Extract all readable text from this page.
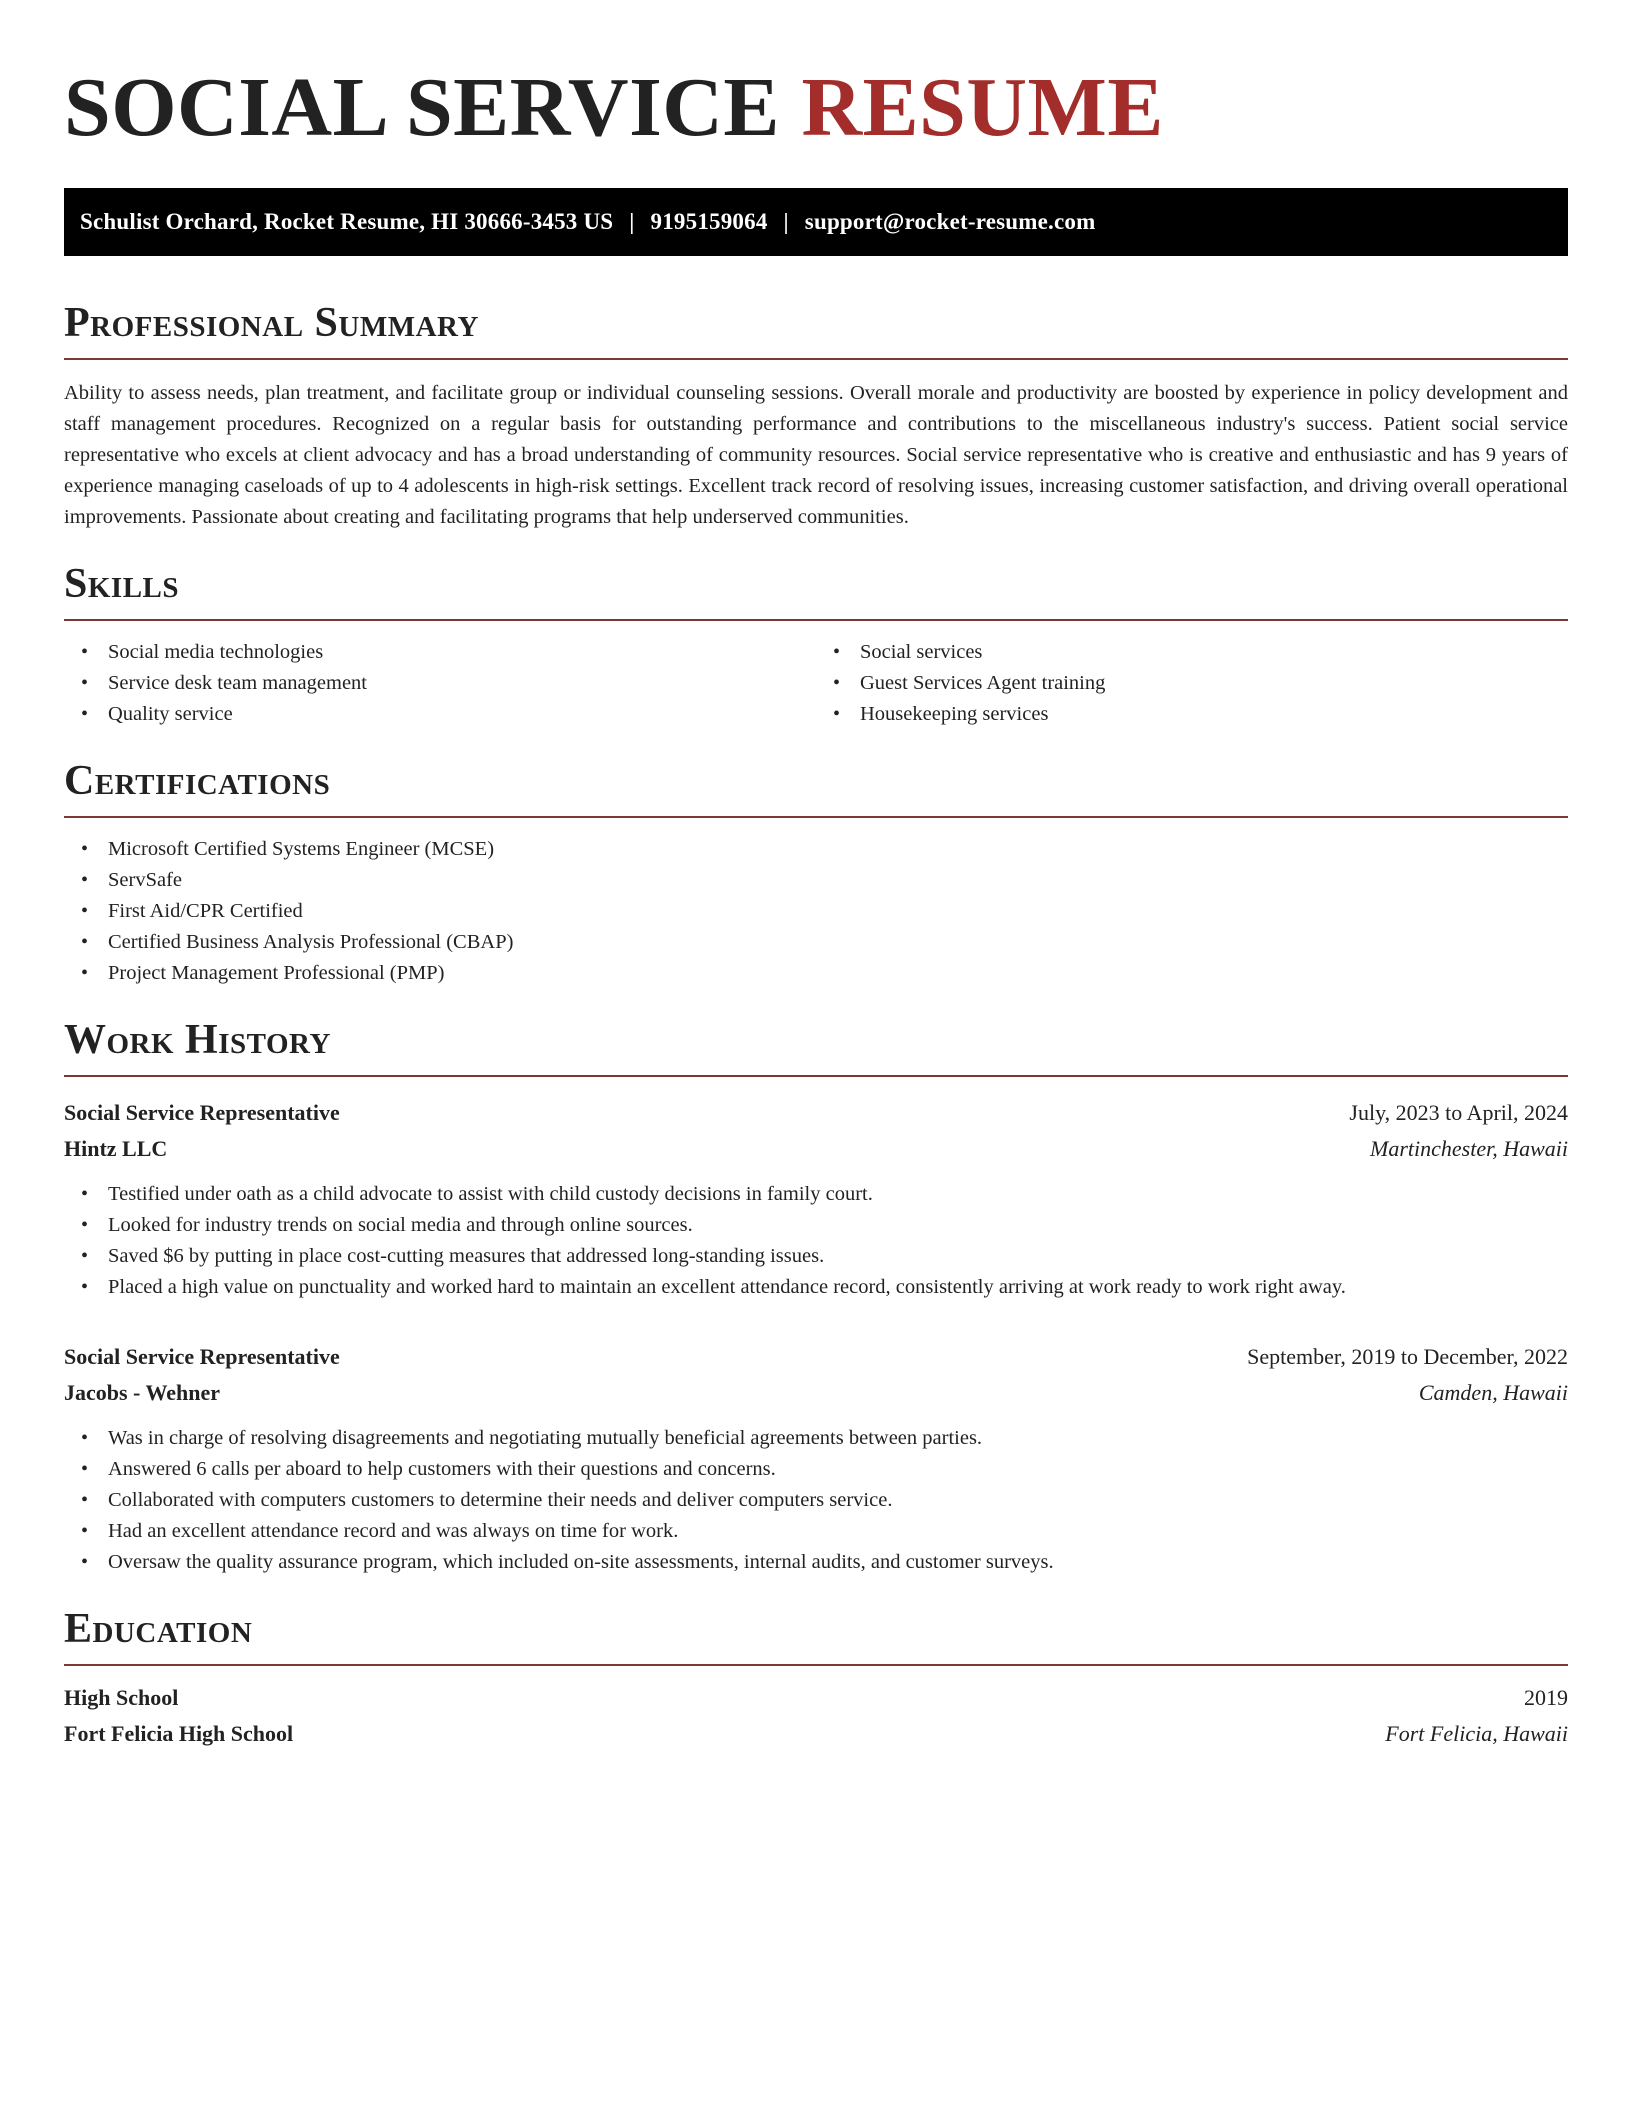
SOCIAL SERVICE RESUME
Schulist Orchard, Rocket Resume, HI 30666-3453 US | 9195159064 | support@rocket-resume.com
Professional Summary

Ability to assess needs, plan treatment, and facilitate group or individual counseling sessions. Overall morale and productivity are boosted by experience in policy development and staff management procedures. Recognized on a regular basis for outstanding performance and contributions to the miscellaneous industry's success. Patient social service representative who excels at client advocacy and has a broad understanding of community resources. Social service representative who is creative and enthusiastic and has 9 years of experience managing caseloads of up to 4 adolescents in high-risk settings. Excellent track record of resolving issues, increasing customer satisfaction, and driving overall operational improvements. Passionate about creating and facilitating programs that help underserved communities.

Skills
• Social media technologies
• Service desk team management
• Quality service
• Social services
• Guest Services Agent training
• Housekeeping services
Certifications
• Microsoft Certified Systems Engineer (MCSE)
• ServSafe
• First Aid/CPR Certified
• Certified Business Analysis Professional (CBAP)
• Project Management Professional (PMP)
Work History
Social Service Representative	July, 2023 to April, 2024
Hintz LLC	Martinchester, Hawaii
• Testified under oath as a child advocate to assist with child custody decisions in family court.
• Looked for industry trends on social media and through online sources.
• Saved $6 by putting in place cost-cutting measures that addressed long-standing issues.
• Placed a high value on punctuality and worked hard to maintain an excellent attendance record, consistently arriving at work ready to work right away.
Social Service Representative	September, 2019 to December, 2022
Jacobs - Wehner	Camden, Hawaii
• Was in charge of resolving disagreements and negotiating mutually beneficial agreements between parties.
• Answered 6 calls per aboard to help customers with their questions and concerns.
• Collaborated with computers customers to determine their needs and deliver computers service.
• Had an excellent attendance record and was always on time for work.
• Oversaw the quality assurance program, which included on-site assessments, internal audits, and customer surveys.
Education
High School	2019
Fort Felicia High School	Fort Felicia, Hawaii
